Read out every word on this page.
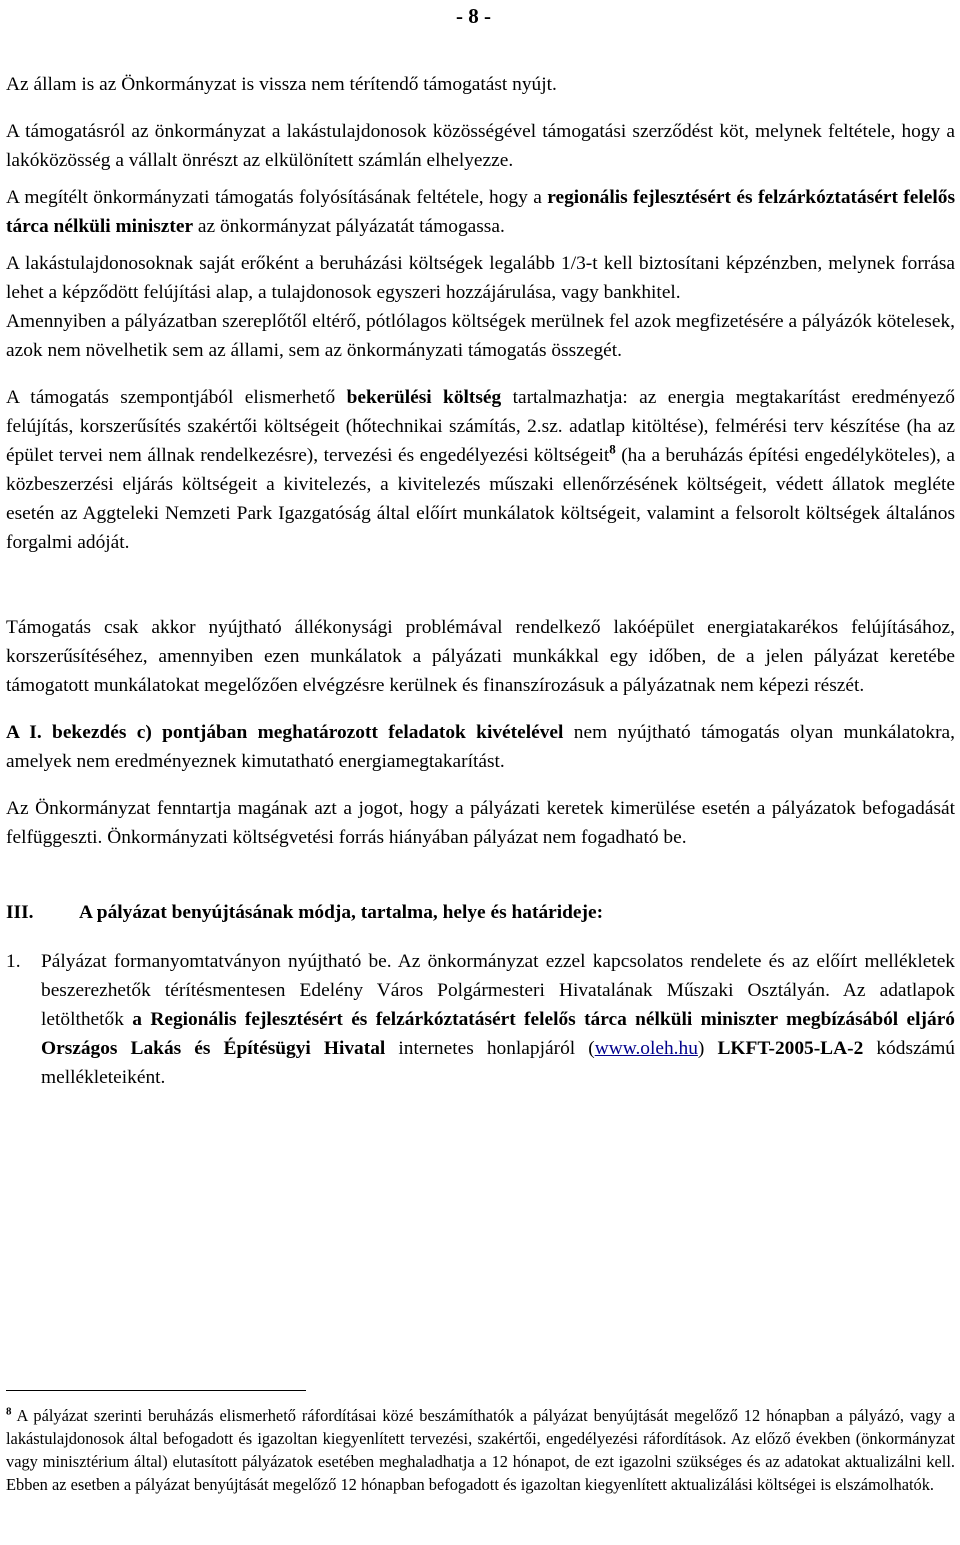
- 8 -

Az állam is az Önkormányzat is vissza nem térítendő támogatást nyújt.

A támogatásról az önkormányzat a lakástulajdonosok közösségével támogatási szerződést köt, melynek feltétele, hogy a lakóközösség a vállalt önrészt az elkülönített számlán elhelyezze.

A megítélt önkormányzati támogatás folyósításának feltétele, hogy a regionális fejlesztésért és felzárkóztatásért felelős tárca nélküli miniszter az önkormányzat pályázatát támogassa.

A lakástulajdonosoknak saját erőként a beruházási költségek legalább 1/3-t kell biztosítani képzénzben, melynek forrása lehet a képződött felújítási alap, a tulajdonosok egyszeri hozzájárulása, vagy bankhitel.

Amennyiben a pályázatban szereplőtől eltérő, pótlólagos költségek merülnek fel azok megfizetésére a pályázók kötelesek, azok nem növelhetik sem az állami, sem az önkormányzati támogatás összegét.

A támogatás szempontjából elismerhető bekerülési költség tartalmazhatja: az energia megtakarítást eredményező felújítás, korszerűsítés szakértői költségeit (hőtechnikai számítás, 2.sz. adatlap kitöltése), felmérési terv készítése (ha az épület tervei nem állnak rendelkezésre), tervezési és engedélyezési költségeit$^8$ (ha a beruházás építési engedélyköteles), a közbeszerzési eljárás költségeit a kivitelezés, a kivitelezés műszaki ellenőrzésének költségeit, védett állatok megléte esetén az Aggteleki Nemzeti Park Igazgatóság által előírt munkálatok költségeit, valamint a felsorolt költségek általános forgalmi adóját.

Támogatás csak akkor nyújtható állékonysági problémával rendelkező lakóépület energiatakarékos felújításához, korszerűsítéséhez, amennyiben ezen munkálatok a pályázati munkákkal egy időben, de a jelen pályázat keretébe támogatott munkálatokat megelőzően elvégzésre kerülnek és finanszírozásuk a pályázatnak nem képezi részét.

A I. bekezdés c) pontjában meghatározott feladatok kivételével nem nyújtható támogatás olyan munkálatokra, amelyek nem eredményeznek kimutatható energiamegtakarítást.

Az Önkormányzat fenntartja magának azt a jogot, hogy a pályázati keretek kimerülése esetén a pályázatok befogadását felfüggeszti. Önkormányzati költségvetési forrás hiányában pályázat nem fogadható be.

III.	A pályázat benyújtásának módja, tartalma, helye és határideje:
1.	Pályázat formanyomtatványon nyújtható be. Az önkormányzat ezzel kapcsolatos rendelete és az előírt mellékletek beszerezhetők térítésmentesen Edelény Város Polgármesteri Hivatalának Műszaki Osztályán. Az adatlapok letölthetők a Regionális fejlesztésért és felzárkóztatásért felelős tárca nélküli miniszter megbízásából eljáró Országos Lakás és Építésügyi Hivatal internetes honlapjáról (www.oleh.hu) LKFT-2005-LA-2 kódszámú mellékleteiként.
$^8$ A pályázat szerinti beruházás elismerhető ráfordításai közé beszámíthatók a pályázat benyújtását megelőző 12 hónapban a pályázó, vagy a lakástulajdonosok által befogadott és igazoltan kiegyenlített tervezési, szakértői, engedélyezési ráfordítások. Az előző években (önkormányzat vagy minisztérium által) elutasított pályázatok esetében meghaladhatja a 12 hónapot, de ezt igazolni szükséges és az adatokat aktualizálni kell. Ebben az esetben a pályázat benyújtását megelőző 12 hónapban befogadott és igazoltan kiegyenlített aktualizálási költségei is elszámolhatók.
